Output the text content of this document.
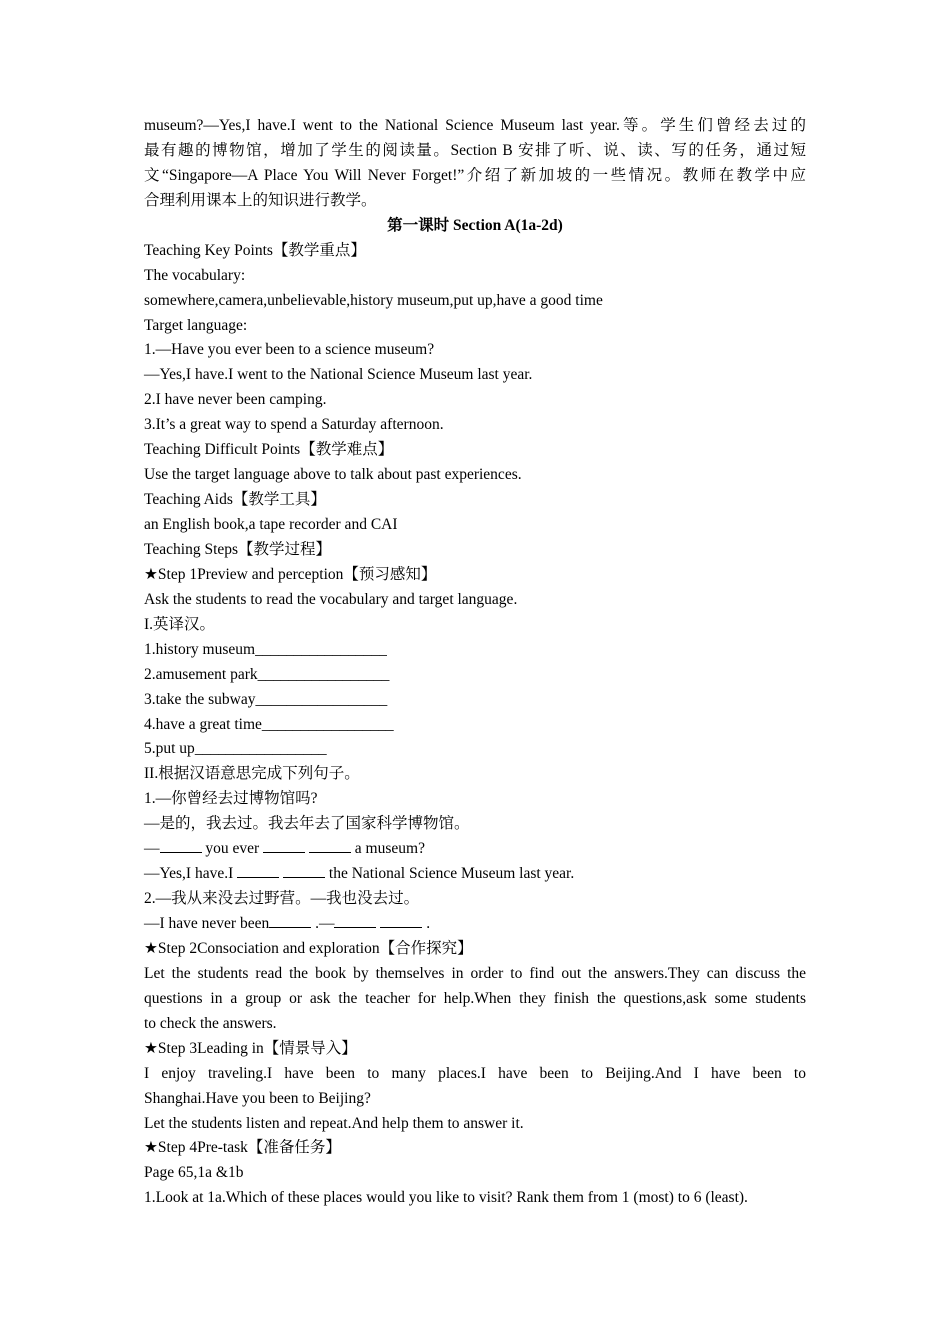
museum?—Yes,I have.I went to the National Science Museum last year.等。学生们曾经去过的
最有趣的博物馆，增加了学生的阅读量。Section B 安排了听、说、读、写的任务，通过短
文“Singapore—A Place You Will Never Forget!”介绍了新加坡的一些情况。教师在教学中应
合理利用课本上的知识进行教学。
第一课时 Section A(1a-2d)
Teaching Key Points【教学重点】
The vocabulary:
somewhere,camera,unbelievable,history museum,put up,have a good time
Target language:
1.—Have you ever been to a science museum?
—Yes,I have.I went to the National Science Museum last year.
2.I have never been camping.
3.It’s a great way to spend a Saturday afternoon.
Teaching Difficult Points【教学难点】
Use the target language above to talk about past experiences.
Teaching Aids【教学工具】
an English book,a tape recorder and CAI
Teaching Steps【教学过程】
★Step 1Preview and perception【预习感知】
Ask the students to read the vocabulary and target language.
I.英译汉。
1.history museum_________________
2.amusement park_________________
3.take the subway_________________
4.have a great time_________________
5.put up_________________
II.根据汉语意思完成下列句子。
1.—你曾经去过博物馆吗?
—是的，我去过。我去年去了国家科学博物馆。
—	you ever	a museum?
—Yes,I have.I	the National Science Museum last year.
2.—我从来没去过野营。—我也没去过。
—I have never been	.—	.
★Step 2Consociation and exploration【合作探究】
Let the students read the book by themselves in order to find out the answers.They can discuss the
questions in a group or ask the teacher for help.When they finish the questions,ask some students
to check the answers.
★Step 3Leading in【情景导入】
I enjoy traveling.I have been to many places.I have been to Beijing.And I have been to
Shanghai.Have you been to Beijing?
Let the students listen and repeat.And help them to answer it.
★Step 4Pre-task【准备任务】
Page 65,1a &1b
1.Look at 1a.Which of these places would you like to visit? Rank them from 1 (most) to 6 (least).
